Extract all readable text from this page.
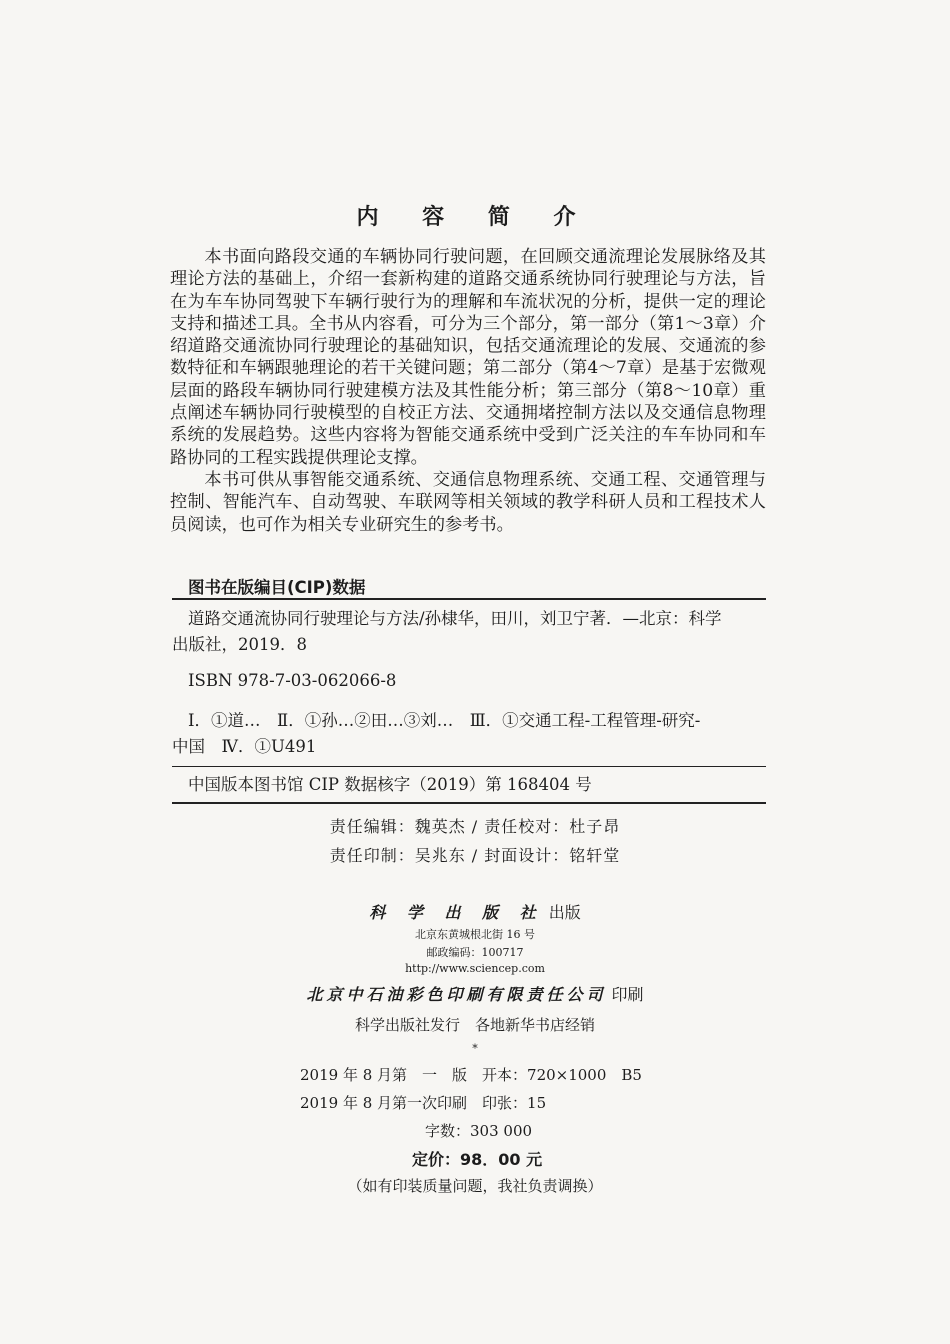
内 容 简 介

本书面向路段交通的车辆协同行驶问题，在回顾交通流理论发展脉络及其理论方法的基础上，介绍一套新构建的道路交通系统协同行驶理论与方法，旨在为车车协同驾驶下车辆行驶行为的理解和车流状况的分析，提供一定的理论支持和描述工具。全书从内容看，可分为三个部分，第一部分（第1～3章）介绍道路交通流协同行驶理论的基础知识，包括交通流理论的发展、交通流的参数特征和车辆跟驰理论的若干关键问题；第二部分（第4～7章）是基于宏微观层面的路段车辆协同行驶建模方法及其性能分析；第三部分（第8～10章）重点阐述车辆协同行驶模型的自校正方法、交通拥堵控制方法以及交通信息物理系统的发展趋势。这些内容将为智能交通系统中受到广泛关注的车车协同和车路协同的工程实践提供理论支撑。

本书可供从事智能交通系统、交通信息物理系统、交通工程、交通管理与控制、智能汽车、自动驾驶、车联网等相关领域的教学科研人员和工程技术人员阅读，也可作为相关专业研究生的参考书。

图书在版编目(CIP)数据

道路交通流协同行驶理论与方法/孙棣华，田川，刘卫宁著．—北京：科学

出版社，2019．8

ISBN 978-7-03-062066-8

Ⅰ．①道…　Ⅱ．①孙…②田…③刘…　Ⅲ．①交通工程-工程管理-研究-

中国　Ⅳ．①U491

中国版本图书馆 CIP 数据核字（2019）第 168404 号

责任编辑：魏英杰 / 责任校对：杜子昂
责任印制：吴兆东 / 封面设计：铭轩堂
科 学 出 版 社 出版
北京东黄城根北街 16 号
邮政编码：100717
http://www.sciencep.com
北京中石油彩色印刷有限责任公司 印刷
科学出版社发行　各地新华书店经销
*
2019 年 8 月第　一　版　开本：720×1000　B5
2019 年 8 月第一次印刷　印张：15
字数：303 000
定价：98．00 元
（如有印装质量问题，我社负责调换）
